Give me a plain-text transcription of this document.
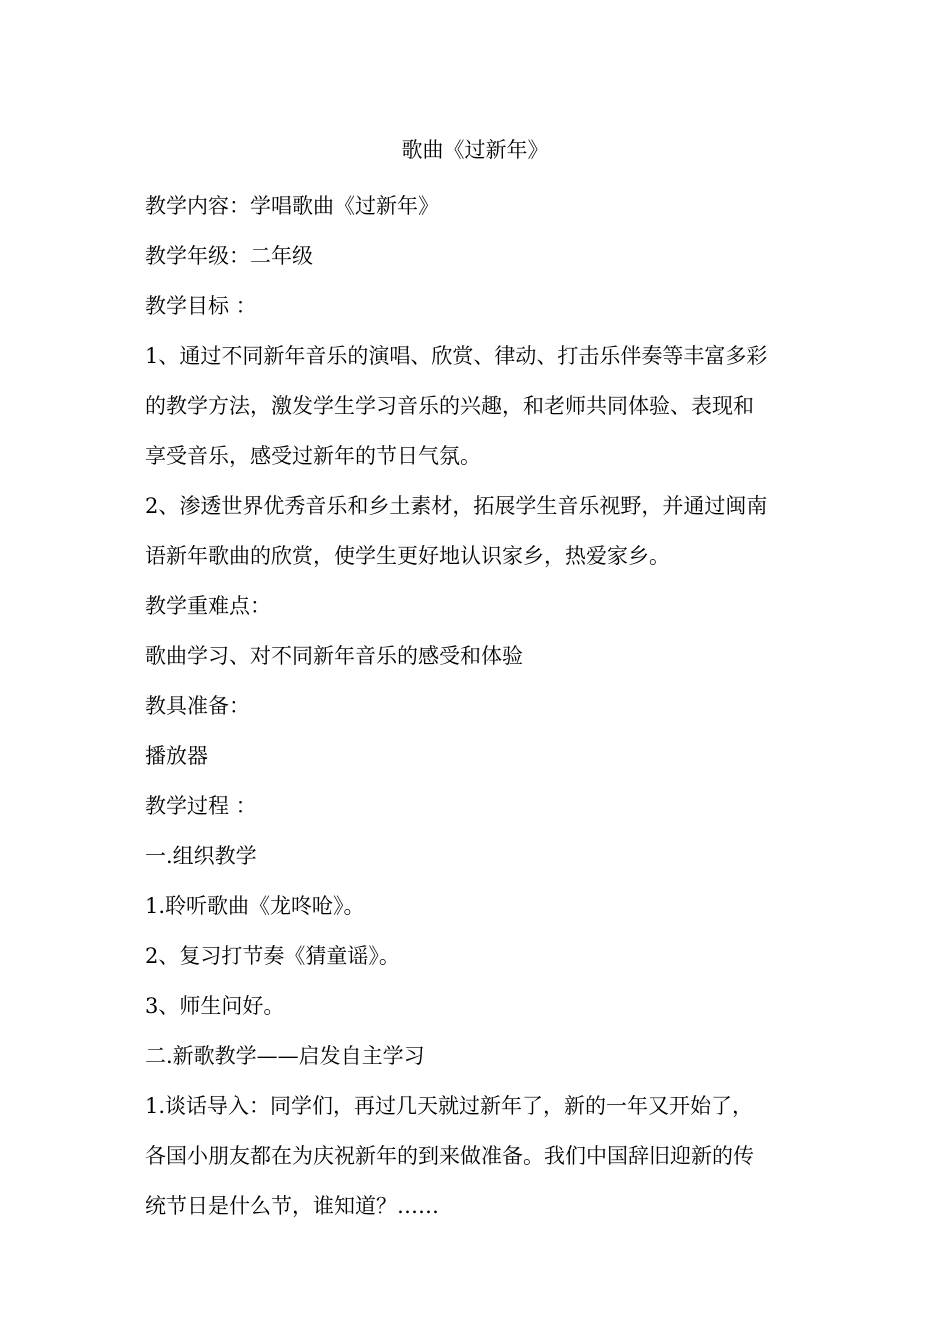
歌曲《过新年》
教学内容：学唱歌曲《过新年》
教学年级：二年级
教学目标 ：
1、通过不同新年音乐的演唱、欣赏、律动、打击乐伴奏等丰富多彩
的教学方法，激发学生学习音乐的兴趣，和老师共同体验、表现和
享受音乐，感受过新年的节日气氛。
2、渗透世界优秀音乐和乡土素材，拓展学生音乐视野，并通过闽南
语新年歌曲的欣赏，使学生更好地认识家乡，热爱家乡。
教学重难点：
歌曲学习、对不同新年音乐的感受和体验
教具准备：
播放器
教学过程 ：
一.组织教学
1.聆听歌曲《龙咚呛》。
2、复习打节奏《猜童谣》。
3、师生问好。
二.新歌教学——启发自主学习
1.谈话导入：同学们，再过几天就过新年了，新的一年又开始了，
各国小朋友都在为庆祝新年的到来做准备。我们中国辞旧迎新的传
统节日是什么节，谁知道？……
